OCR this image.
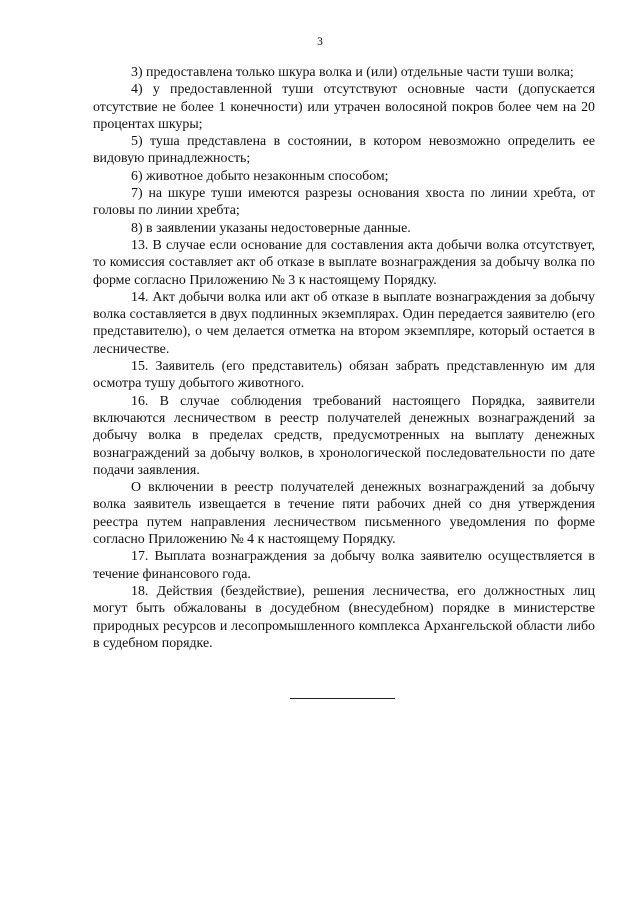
3

3) предоставлена только шкура волка и (или) отдельные части туши волка;

4) у предоставленной туши отсутствуют основные части (допускается отсутствие не более 1 конечности) или утрачен волосяной покров более чем на 20 процентах шкуры;

5) туша представлена в состоянии, в котором невозможно определить ее видовую принадлежность;

6) животное добыто незаконным способом;

7) на шкуре туши имеются разрезы основания хвоста по линии хребта, от головы по линии хребта;

8) в заявлении указаны недостоверные данные.

13. В случае если основание для составления акта добычи волка отсутствует, то комиссия составляет акт об отказе в выплате вознаграждения за добычу волка по форме согласно Приложению № 3 к настоящему Порядку.

14. Акт добычи волка или акт об отказе в выплате вознаграждения за добычу волка составляется в двух подлинных экземплярах. Один передается заявителю (его представителю), о чем делается отметка на втором экземпляре, который остается в лесничестве.

15. Заявитель (его представитель) обязан забрать представленную им для осмотра тушу добытого животного.

16. В случае соблюдения требований настоящего Порядка, заявители включаются лесничеством в реестр получателей денежных вознаграждений за добычу волка в пределах средств, предусмотренных на выплату денежных вознаграждений за добычу волков, в хронологической последовательности по дате подачи заявления.

О включении в реестр получателей денежных вознаграждений за добычу волка заявитель извещается в течение пяти рабочих дней со дня утверждения реестра путем направления лесничеством письменного уведомления по форме согласно Приложению № 4 к настоящему Порядку.

17. Выплата вознаграждения за добычу волка заявителю осуществляется в течение финансового года.

18. Действия (бездействие), решения лесничества, его должностных лиц могут быть обжалованы в досудебном (внесудебном) порядке в министерстве природных ресурсов и лесопромышленного комплекса Архангельской области либо в судебном порядке.
